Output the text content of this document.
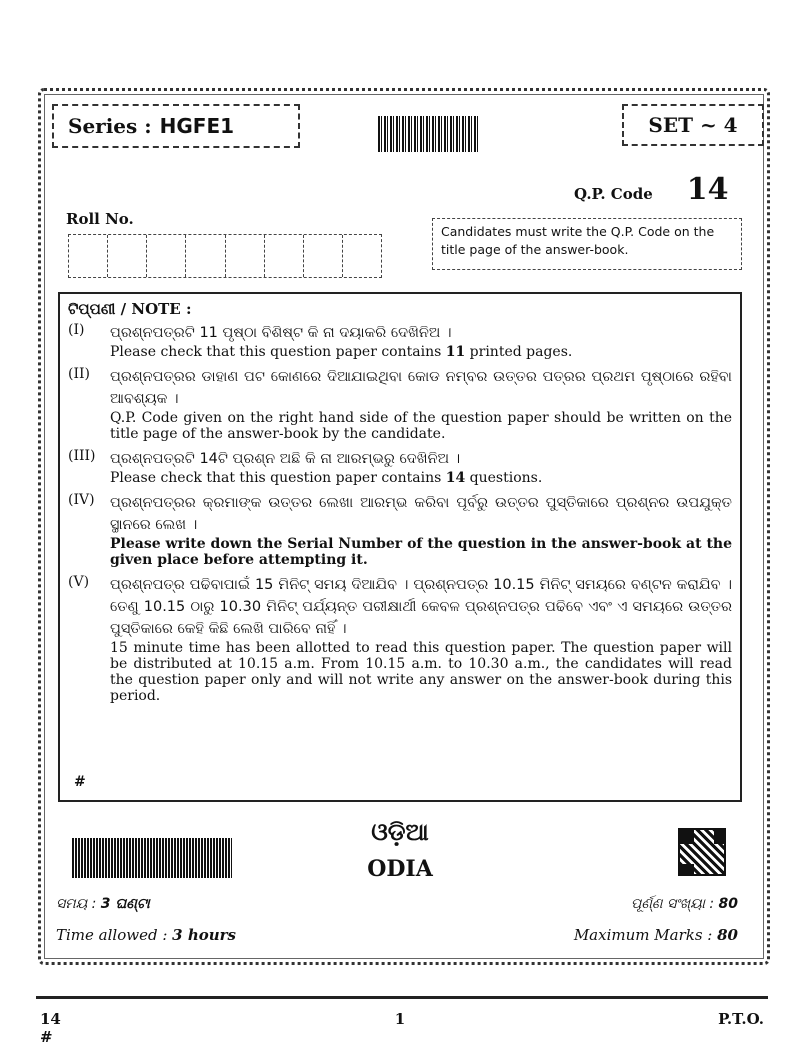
Series : HGFE1	SET ~ 4
Q.P. Code 14
Roll No.
Candidates must write the Q.P. Code on the title page of the answer-book.
ଟିପ୍ପଣୀ / NOTE :
(I)	ପ୍ରଶ୍ନପତ୍ରଟି 11 ପୃଷ୍ଠା ବିଶିଷ୍ଟ କି ନା ଦୟାକରି ଦେଖିନିଅ ।
Please check that this question paper contains 11 printed pages.
(II)	ପ୍ରଶ୍ନପତ୍ରର ଡାହାଣ ପଟ କୋଣରେ ଦିଆଯାଇଥିବା କୋଡ ନମ୍ବର ଉତ୍ତର ପତ୍ରର ପ୍ରଥମ ପୃଷ୍ଠାରେ ରହିବା ଆବଶ୍ୟକ ।
Q.P. Code given on the right hand side of the question paper should be written on the title page of the answer-book by the candidate.
(III) ପ୍ରଶ୍ନପତ୍ରଟି 14ଟି ପ୍ରଶ୍ନ ଅଛି କି ନା ଆରମ୍ଭରୁ ଦେଖିନିଅ ।
Please check that this question paper contains 14 questions.
(IV)	ପ୍ରଶ୍ନପତ୍ରର କ୍ରମାଙ୍କ ଉତ୍ତର ଲେଖା ଆରମ୍ଭ କରିବା ପୂର୍ବରୁ ଉତ୍ତର ପୁସ୍ତିକାରେ ପ୍ରଶ୍ନର ଉପଯୁକ୍ତ ସ୍ଥାନରେ ଲେଖ ।
Please write down the Serial Number of the question in the answer-book at the given place before attempting it.
(V)	ପ୍ରଶ୍ନପତ୍ର ପଢିବାପାଇଁ 15 ମିନିଟ୍ ସମୟ ଦିଆଯିବ । ପ୍ରଶ୍ନପତ୍ର 10.15 ମିନିଟ୍ ସମୟରେ ବଣ୍ଟନ କରାଯିବ । ତେଣୁ 10.15 ଠାରୁ 10.30 ମିନିଟ୍ ପର୍ଯ୍ୟନ୍ତ ପରୀକ୍ଷାର୍ଥୀ କେବଳ ପ୍ରଶ୍ନପତ୍ର ପଢିବେ ଏବଂ ଏ ସମୟରେ ଉତ୍ତର ପୁସ୍ତିକାରେ କେହି କିଛି ଲେଖି ପାରିବେ ନାହିଁ ।
15 minute time has been allotted to read this question paper. The question paper will be distributed at 10.15 a.m. From 10.15 a.m. to 10.30 a.m., the candidates will read the question paper only and will not write any answer on the answer-book during this period.
#
ଓଡ଼ିଆ
ODIA
ସମୟ : 3 ଘଣ୍ଟା	ପୂର୍ଣ୍ଣ ସଂଖ୍ୟା : 80
Time allowed : 3 hours	Maximum Marks : 80
14
#
1	P.T.O.
